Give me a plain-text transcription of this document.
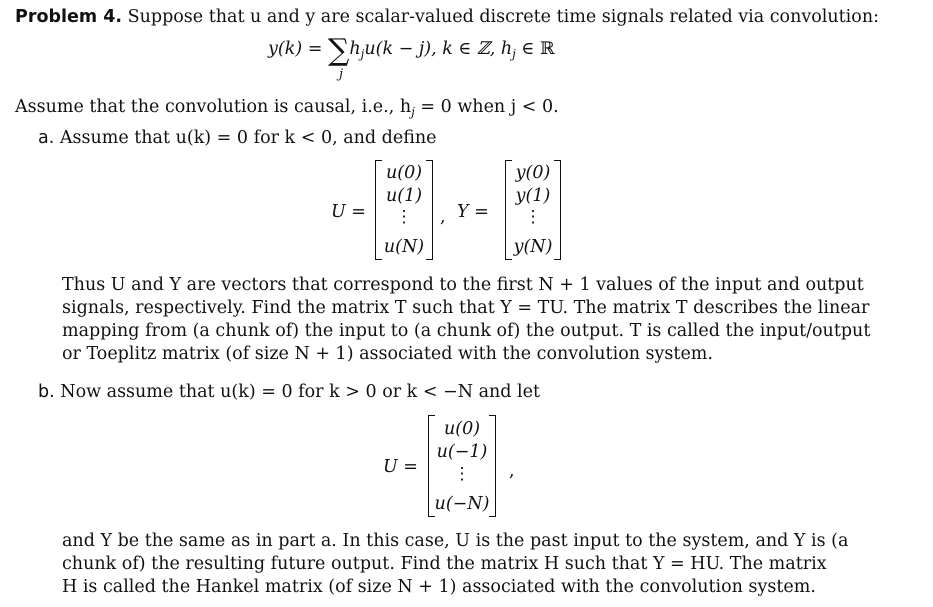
Problem 4. Suppose that u and y are scalar-valued discrete time signals related via convolution:
$y(k) = \sum h_ju(k - j)$, k ∈ ℤ, $h_j$ ∈ ℝ
j
Assume that the convolution is causal, i.e., $h_j = 0$ when j < 0.
a. Assume that u(k) = 0 for k < 0, and define
U =
u(0)
u(1)
⋮
u(N)
, Y =
y(0)
y(1)
⋮
y(N)
Thus U and Y are vectors that correspond to the first N + 1 values of the input and output
signals, respectively. Find the matrix T such that Y = TU. The matrix T describes the linear
mapping from (a chunk of) the input to (a chunk of) the output. T is called the input/output
or Toeplitz matrix (of size N + 1) associated with the convolution system.
b. Now assume that u(k) = 0 for k > 0 or k < −N and let
U =
u(0)
u(−1)
⋮
u(−N)
,
and Y be the same as in part a. In this case, U is the past input to the system, and Y is (a
chunk of) the resulting future output. Find the matrix H such that Y = HU. The matrix
H is called the Hankel matrix (of size N + 1) associated with the convolution system.
